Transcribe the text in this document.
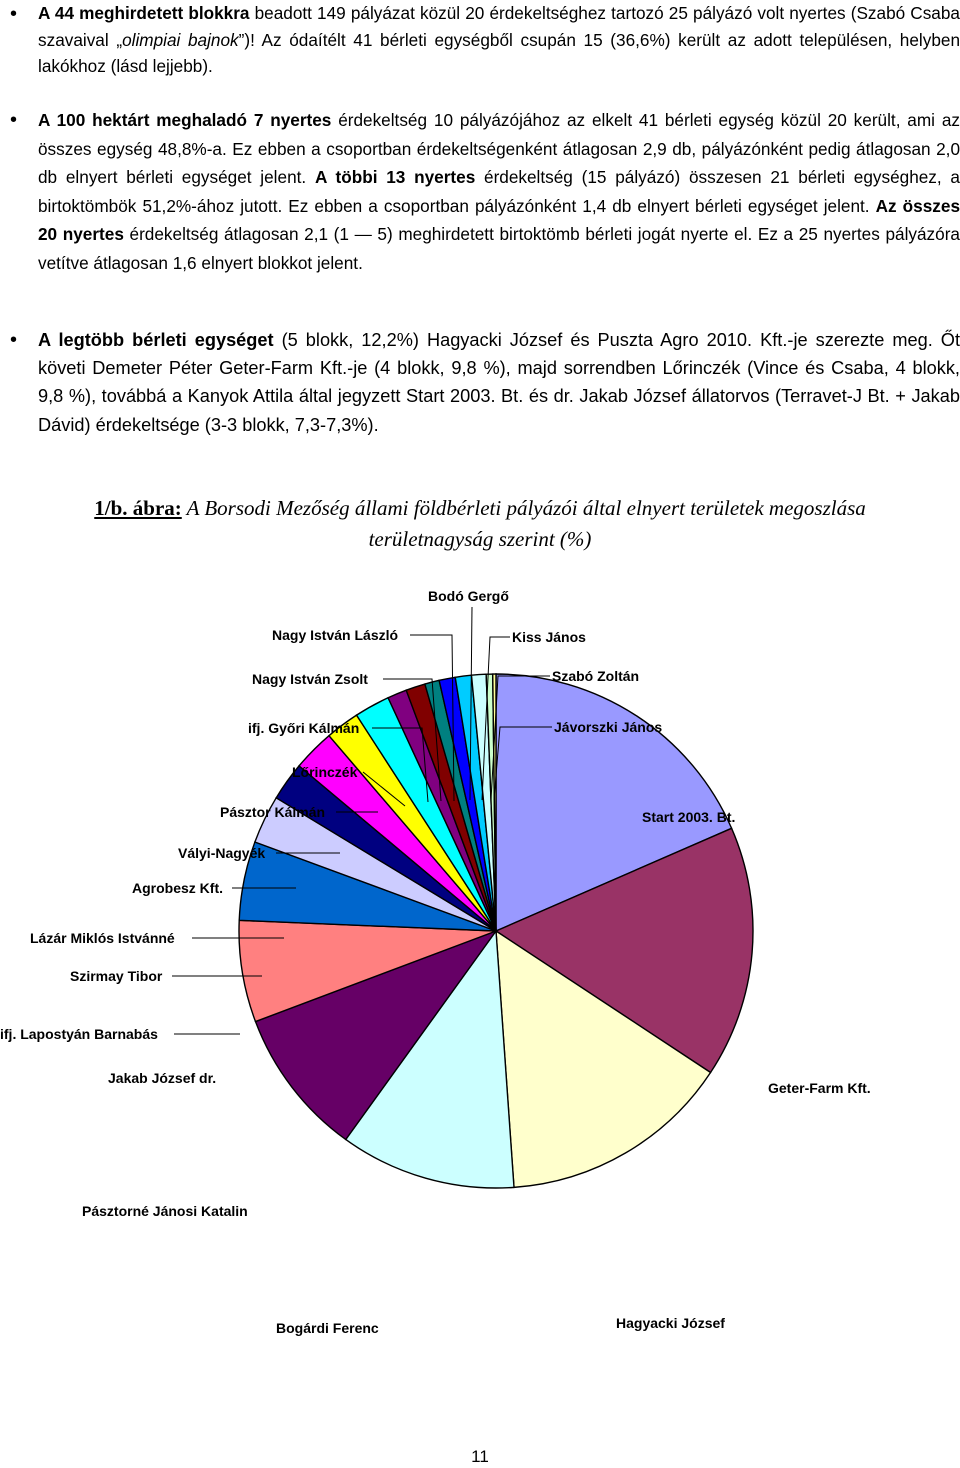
• A 44 meghirdetett blokkra beadott 149 pályázat közül 20 érdekeltséghez tartozó 25 pályázó volt nyertes (Szabó Csaba szavaival „olimpiai bajnok”)! Az ódaítélt 41 bérleti egységből csupán 15 (36,6%) került az adott településen, helyben lakókhoz (lásd lejjebb).
• A 100 hektárt meghaladó 7 nyertes érdekeltség 10 pályázójához az elkelt 41 bérleti egység közül 20 került, ami az összes egység 48,8%-a. Ez ebben a csoportban érdekeltségenként átlagosan 2,9 db, pályázónként pedig átlagosan 2,0 db elnyert bérleti egységet jelent. A többi 13 nyertes érdekeltség (15 pályázó) összesen 21 bérleti egységhez, a birtoktömbök 51,2%-ához jutott. Ez ebben a csoportban pályázónként 1,4 db elnyert bérleti egységet jelent. Az összes 20 nyertes érdekeltség átlagosan 2,1 (1 — 5) meghirdetett birtoktömb bérleti jogát nyerte el. Ez a 25 nyertes pályázóra vetítve átlagosan 1,6 elnyert blokkot jelent.
• A legtöbb bérleti egységet (5 blokk, 12,2%) Hagyacki József és Puszta Agro 2010. Kft.-je szerezte meg. Őt követi Demeter Péter Geter-Farm Kft.-je (4 blokk, 9,8 %), majd sorrendben Lőrinczék (Vince és Csaba, 4 blokk, 9,8 %), továbbá a Kanyok Attila által jegyzett Start 2003. Bt. és dr. Jakab József állatorvos (Terravet-J Bt. + Jakab Dávid) érdekeltsége (3-3 blokk, 7,3-7,3%).
1/b. ábra: A Borsodi Mezőség állami földbérleti pályázói által elnyert területek megoszlása
területnagyság szerint (%)
Start 2003. Bt.
Geter-Farm Kft.
Hagyacki József
Bogárdi Ferenc
Pásztorné Jánosi Katalin
Jakab József dr.
ifj. Lapostyán Barnabás
Szirmay Tibor
Lázár Miklós Istvánné
Agrobesz Kft.
Vályi-Nagyék
Pásztor Kálmán
Lőrinczék
ifj. Győri Kálmán
Nagy István Zsolt
Nagy István László
Bodó Gergő
Kiss János
Szabó Zoltán
Jávorszki János
11
